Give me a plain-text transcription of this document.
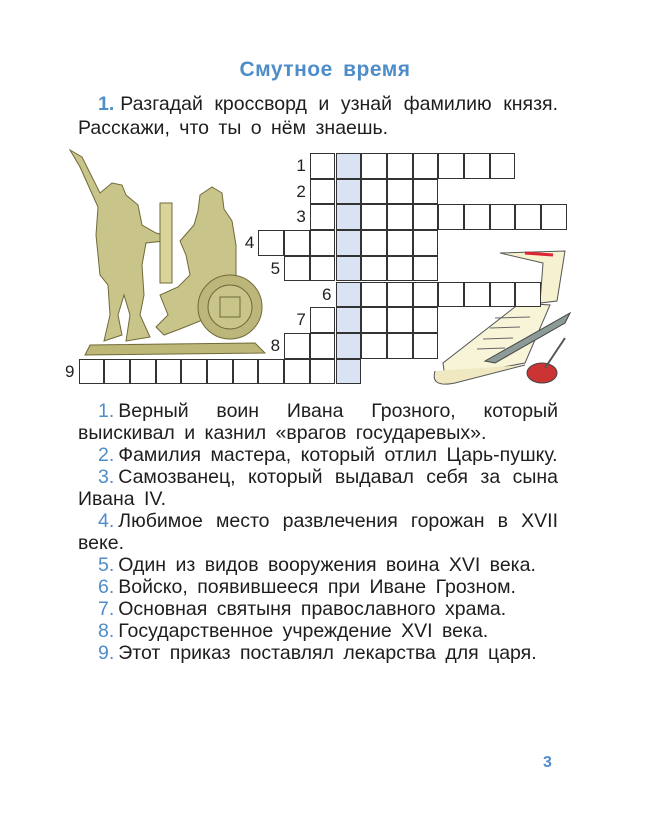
Смутное время
1. Разгадай кроссворд и узнай фамилию князя. Расскажи, что ты о нём знаешь.
1
2
3
4
5
6
7
8
9

1. Верный воин Ивана Грозного, который выискивал и казнил «врагов государевых».

2. Фамилия мастера, который отлил Царь-пушку.

3. Самозванец, который выдавал себя за сына Ивана IV.

4. Любимое место развлечения горожан в XVII веке.

5. Один из видов вооружения воина XVI века.

6. Войско, появившееся при Иване Грозном.

7. Основная святыня православного храма.

8. Государственное учреждение XVI века.

9. Этот приказ поставлял лекарства для царя.

3
